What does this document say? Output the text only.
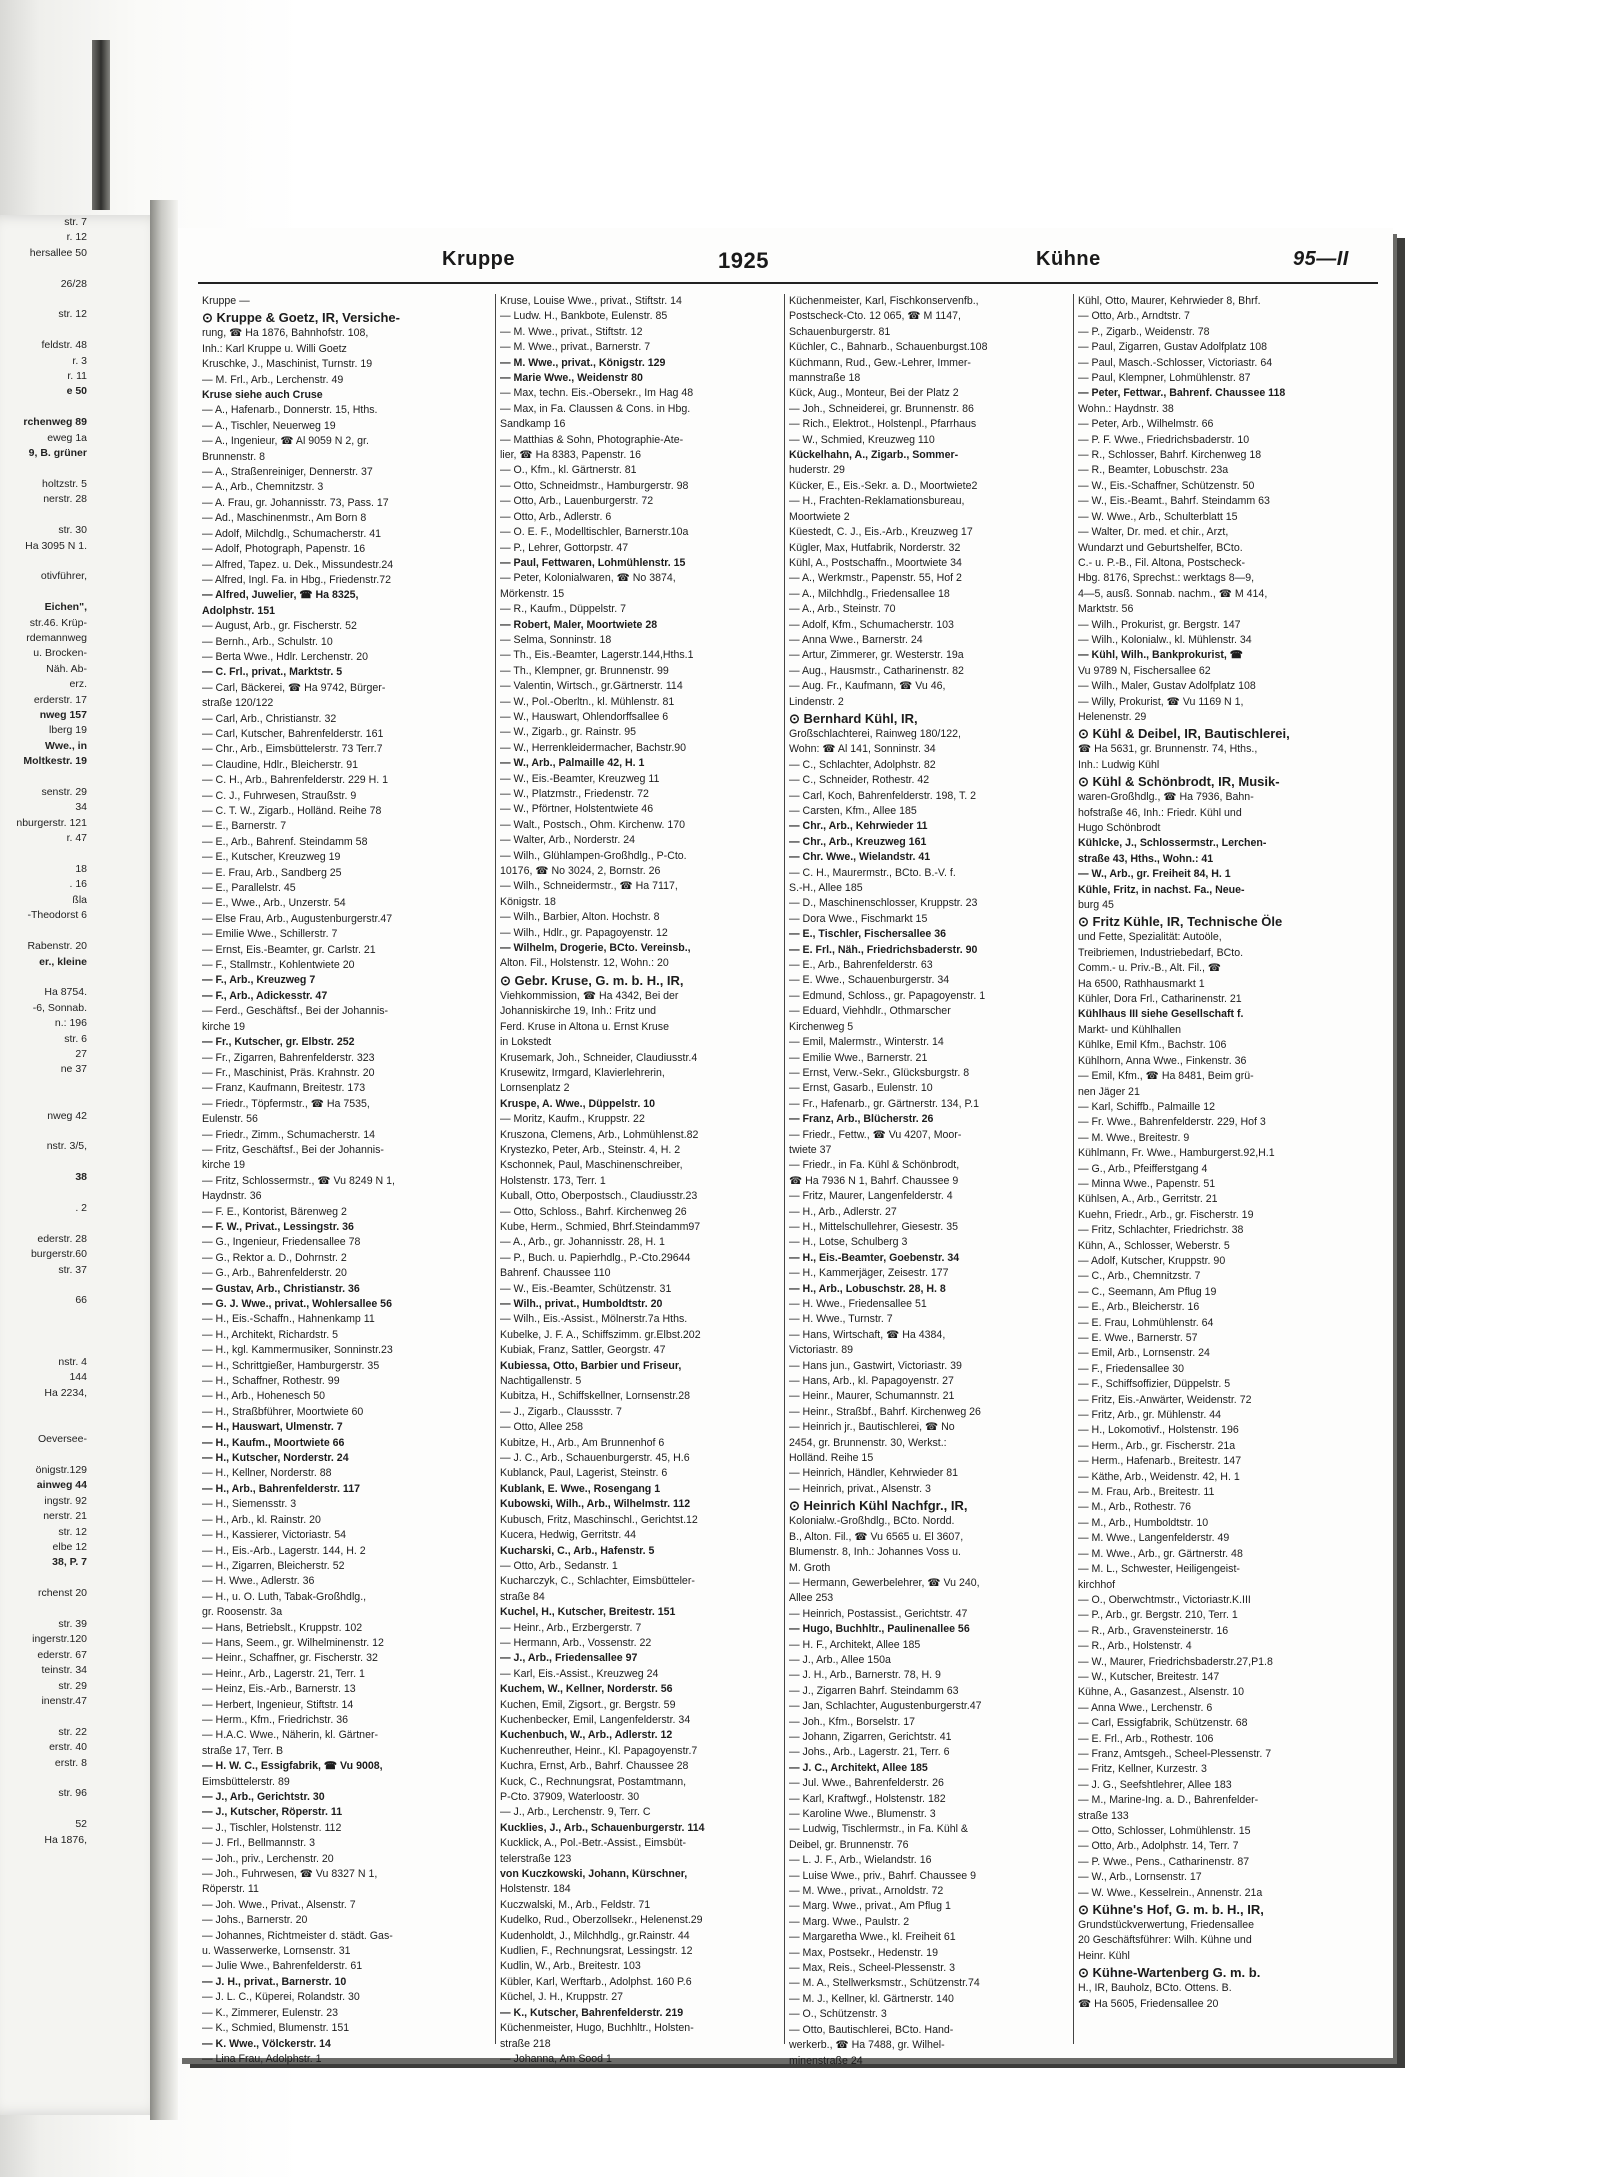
str. 7
r. 12
hersallee 50

26/28

str. 12

feldstr. 48
r. 3
r. 11
e 50

rchenweg 89
eweg 1a
9, B. grüner

holtzstr. 5
nerstr. 28

str. 30
Ha 3095 N 1.

otivführer,

Eichen",
str.46. Krüp-
rdemannweg
u. Brocken-
Näh. Ab-
erz.
erderstr. 17
nweg 157
lberg 19
Wwe., in
Moltkestr. 19

senstr. 29
34
nburgerstr. 121
r. 47

18
. 16
ßla
-Theodorst 6

Rabenstr. 20
er., kleine

Ha 8754.
-6, Sonnab.
n.: 196
str. 6
27
ne 37

nweg 42

nstr. 3/5,

38

. 2

ederstr. 28
burgerstr.60
str. 37

66

nstr. 4
144
Ha 2234,

Oeverseе-

önigstr.129
ainweg 44
ingstr. 92
nerstr. 21
str. 12
elbe 12
38, P. 7

rchenst 20

str. 39
ingerstr.120
ederstr. 67
teinstr. 34
str. 29
inenstr.47

str. 22
erstr. 40
erstr. 8

str. 96

52
Ha 1876,
Kruppe	1925	Kühne	95—II
Kruppe —
⊙ Kruppe & Goetz, IR, Versiche-
rung, ☎ Ha 1876, Bahnhofstr. 108,
Inh.: Karl Kruppe u. Willi Goetz
Kruschke, J., Maschinist, Turnstr. 19
— M. Frl., Arb., Lerchenstr. 49
Kruse siehe auch Cruse
— A., Hafenarb., Donnerstr. 15, Hths.
— A., Tischler, Neuerweg 19
— A., Ingenieur, ☎ Al 9059 N 2, gr.
Brunnenstr. 8
— A., Straßenreiniger, Dennerstr. 37
— A., Arb., Chemnitzstr. 3
— A. Frau, gr. Johannisstr. 73, Pass. 17
— Ad., Maschinenmstr., Am Born 8
— Adolf, Milchdlg., Schumacherstr. 41
— Adolf, Photograph, Papenstr. 16
— Alfred, Tapez. u. Dek., Missundestr.24
— Alfred, Ingl. Fa. in Hbg., Friedenstr.72
— Alfred, Juwelier, ☎ Ha 8325,
Adolphstr. 151
— August, Arb., gr. Fischerstr. 52
— Bernh., Arb., Schulstr. 10
— Berta Wwe., Hdlr. Lerchenstr. 20
— C. Frl., privat., Marktstr. 5
— Carl, Bäckerei, ☎ Ha 9742, Bürger-
straße 120/122
— Carl, Arb., Christianstr. 32
— Carl, Kutscher, Bahrenfelderstr. 161
— Chr., Arb., Eimsbüttelerstr. 73 Terr.7
— Claudine, Hdlr., Bleicherstr. 91
— C. H., Arb., Bahrenfelderstr. 229 H. 1
— C. J., Fuhrwesen, Straußstr. 9
— C. T. W., Zigarb., Holländ. Reihe 78
— E., Barnerstr. 7
— E., Arb., Bahrenf. Steindamm 58
— E., Kutscher, Kreuzweg 19
— E. Frau, Arb., Sandberg 25
— E., Parallelstr. 45
— E., Wwe., Arb., Unzerstr. 54
— Else Frau, Arb., Augustenburgerstr.47
— Emilie Wwe., Schillerstr. 7
— Ernst, Eis.-Beamter, gr. Carlstr. 21
— F., Stallmstr., Kohlentwiete 20
— F., Arb., Kreuzweg 7
— F., Arb., Adickesstr. 47
— Ferd., Geschäftsf., Bei der Johannis-
kirche 19
— Fr., Kutscher, gr. Elbstr. 252
— Fr., Zigarren, Bahrenfelderstr. 323
— Fr., Maschinist, Präs. Krahnstr. 20
— Franz, Kaufmann, Breitestr. 173
— Friedr., Töpfermstr., ☎ Ha 7535,
Eulenstr. 56
— Friedr., Zimm., Schumacherstr. 14
— Fritz, Geschäftsf., Bei der Johannis-
kirche 19
— Fritz, Schlossermstr., ☎ Vu 8249 N 1,
Haydnstr. 36
— F. E., Kontorist, Bärenweg 2
— F. W., Privat., Lessingstr. 36
— G., Ingenieur, Friedensallee 78
— G., Rektor a. D., Dohrnstr. 2
— G., Arb., Bahrenfelderstr. 20
— Gustav, Arb., Christianstr. 36
— G. J. Wwe., privat., Wohlersallee 56
— H., Eis.-Schaffn., Hahnenkamp 11
— H., Architekt, Richardstr. 5
— H., kgl. Kammermusiker, Sonninstr.23
— H., Schrittgießer, Hamburgerstr. 35
— H., Schaffner, Rothestr. 99
— H., Arb., Hohenesch 50
— H., Straßbführer, Moortwiete 60
— H., Hauswart, Ulmenstr. 7
— H., Kaufm., Moortwiete 66
— H., Kutscher, Norderstr. 24
— H., Kellner, Norderstr. 88
— H., Arb., Bahrenfelderstr. 117
— H., Siemensstr. 3
— H., Arb., kl. Rainstr. 20
— H., Kassierer, Victoriastr. 54
— H., Eis.-Arb., Lagerstr. 144, H. 2
— H., Zigarren, Bleicherstr. 52
— H. Wwe., Adlerstr. 36
— H., u. O. Luth, Tabak-Großhdlg.,
gr. Roosenstr. 3a
— Hans, Betriebslt., Kruppstr. 102
— Hans, Seem., gr. Wilhelminenstr. 12
— Heinr., Schaffner, gr. Fischerstr. 32
— Heinr., Arb., Lagerstr. 21, Terr. 1
— Heinz, Eis.-Arb., Barnerstr. 13
— Herbert, Ingenieur, Stiftstr. 14
— Herm., Kfm., Friedrichstr. 36
— H.A.C. Wwe., Näherin, kl. Gärtner-
straße 17, Terr. B
— H. W. C., Essigfabrik, ☎ Vu 9008,
Eimsbüttelerstr. 89
— J., Arb., Gerichtstr. 30
— J., Kutscher, Röperstr. 11
— J., Tischler, Holstenstr. 112
— J. Frl., Bellmannstr. 3
— Joh., priv., Lerchenstr. 20
— Joh., Fuhrwesen, ☎ Vu 8327 N 1,
Röperstr. 11
— Joh. Wwe., Privat., Alsenstr. 7
— Johs., Barnerstr. 20
— Johannes, Richtmeister d. städt. Gas-
u. Wasserwerke, Lornsenstr. 31
— Julie Wwe., Bahrenfelderstr. 61
— J. H., privat., Barnerstr. 10
— J. L. C., Küperei, Rolandstr. 30
— K., Zimmerer, Eulenstr. 23
— K., Schmied, Blumenstr. 151
— K. Wwe., Völckerstr. 14
— Lina Frau, Adolphstr. 1
Kruse, Louise Wwe., privat., Stiftstr. 14
— Ludw. H., Bankbote, Eulenstr. 85
— M. Wwe., privat., Stiftstr. 12
— M. Wwe., privat., Barnerstr. 7
— M. Wwe., privat., Königstr. 129
— Marie Wwe., Weidenstr 80
— Max, techn. Eis.-Obersekr., Im Hag 48
— Max, in Fa. Claussen & Cons. in Hbg.
Sandkamp 16
— Matthias & Sohn, Photographie-Ate-
lier, ☎ Ha 8383, Papenstr. 16
— O., Kfm., kl. Gärtnerstr. 81
— Otto, Schneidmstr., Hamburgerstr. 98
— Otto, Arb., Lauenburgerstr. 72
— Otto, Arb., Adlerstr. 6
— O. E. F., Modelltischler, Barnerstr.10a
— P., Lehrer, Gottorpstr. 47
— Paul, Fettwaren, Lohmühlenstr. 15
— Peter, Kolonialwaren, ☎ No 3874,
Mörkenstr. 15
— R., Kaufm., Düppelstr. 7
— Robert, Maler, Moortwiete 28
— Selma, Sonninstr. 18
— Th., Eis.-Beamter, Lagerstr.144,Hths.1
— Th., Klempner, gr. Brunnenstr. 99
— Valentin, Wirtsch., gr.Gärtnerstr. 114
— W., Pol.-Oberltn., kl. Mühlenstr. 81
— W., Hauswart, Ohlendorffsallee 6
— W., Zigarb., gr. Rainstr. 95
— W., Herrenkleidermacher, Bachstr.90
— W., Arb., Palmaille 42, H. 1
— W., Eis.-Beamter, Kreuzweg 11
— W., Platzmstr., Friedenstr. 72
— W., Pförtner, Holstentwiete 46
— Walt., Postsch., Ohm. Kirchenw. 170
— Walter, Arb., Norderstr. 24
— Wilh., Glühlampen-Großhdlg., P-Cto.
10176, ☎ No 3024, 2, Bornstr. 26
— Wilh., Schneidermstr., ☎ Ha 7117,
Königstr. 18
— Wilh., Barbier, Alton. Hochstr. 8
— Wilh., Hdlr., gr. Papagoyenstr. 12
— Wilhelm, Drogerie, BCto. Vereinsb.,
Alton. Fil., Holstenstr. 12, Wohn.: 20
⊙ Gebr. Kruse, G. m. b. H., IR,
Viehkommission, ☎ Ha 4342, Bei der
Johanniskirche 19, Inh.: Fritz und
Ferd. Kruse in Altona u. Ernst Kruse
in Lokstedt
Krusemark, Joh., Schneider, Claudiusstr.4
Krusewitz, Irmgard, Klavierlehrerin,
Lornsenplatz 2
Kruspe, A. Wwe., Düppelstr. 10
— Moritz, Kaufm., Kruppstr. 22
Kruszona, Clemens, Arb., Lohmühlenst.82
Krystezko, Peter, Arb., Steinstr. 4, H. 2
Kschonnek, Paul, Maschinenschreiber,
Holstenstr. 173, Terr. 1
Kuball, Otto, Oberpostsch., Claudiusstr.23
— Otto, Schloss., Bahrf. Kirchenweg 26
Kube, Herm., Schmied, Bhrf.Steindamm97
— A., Arb., gr. Johannisstr. 28, H. 1
— P., Buch. u. Papierhdlg., P.-Cto.29644
Bahrenf. Chaussee 110
— W., Eis.-Beamter, Schützenstr. 31
— Wilh., privat., Humboldtstr. 20
— Wilh., Eis.-Assist., Mölnerstr.7a Hths.
Kubelke, J. F. A., Schiffszimm. gr.Elbst.202
Kubiak, Franz, Sattler, Georgstr. 47
Kubiessa, Otto, Barbier und Friseur,
Nachtigallenstr. 5
Kubitza, H., Schiffskellner, Lornsenstr.28
— J., Zigarb., Claussstr. 7
— Otto, Allee 258
Kubitze, H., Arb., Am Brunnenhof 6
— J. C., Arb., Schauenburgerstr. 45, H.6
Kublanck, Paul, Lagerist, Steinstr. 6
Kublank, E. Wwe., Rosengang 1
Kubowski, Wilh., Arb., Wilhelmstr. 112
Kubusch, Fritz, Maschinschl., Gerichtst.12
Kucera, Hedwig, Gerritstr. 44
Kucharski, C., Arb., Hafenstr. 5
— Otto, Arb., Sedanstr. 1
Kucharczyk, C., Schlachter, Eimsbütteler-
straße 84
Kuchel, H., Kutscher, Breitestr. 151
— Heinr., Arb., Erzbergerstr. 7
— Hermann, Arb., Vossenstr. 22
— J., Arb., Friedensallee 97
— Karl, Eis.-Assist., Kreuzweg 24
Kuchem, W., Kellner, Norderstr. 56
Kuchen, Emil, Zigsort., gr. Bergstr. 59
Kuchenbecker, Emil, Langenfelderstr. 34
Kuchenbuch, W., Arb., Adlerstr. 12
Kuchenreuther, Heinr., Kl. Papagoyenstr.7
Kuchra, Ernst, Arb., Bahrf. Chaussee 28
Kuck, C., Rechnungsrat, Postamtmann,
P-Cto. 37909, Waterloostr. 30
— J., Arb., Lerchenstr. 9, Terr. C
Kucklies, J., Arb., Schauenburgerstr. 114
Kucklick, A., Pol.-Betr.-Assist., Eimsbüt-
telerstraße 123
von Kuczkowski, Johann, Kürschner,
Holstenstr. 184
Kuczwalski, M., Arb., Feldstr. 71
Kudelko, Rud., Oberzollsekr., Helenenst.29
Kudenholdt, J., Milchhdlg., gr.Rainstr. 44
Kudlien, F., Rechnungsrat, Lessingstr. 12
Kudlin, W., Arb., Breitestr. 103
Kübler, Karl, Werftarb., Adolphst. 160 P.6
Küchel, J. H., Kruppstr. 27
— K., Kutscher, Bahrenfelderstr. 219
Küchenmeister, Hugo, Buchhltr., Holsten-
straße 218
— Johanna, Am Sood 1
Küchenmeister, Karl, Fischkonservenfb.,
Postscheck-Cto. 12 065, ☎ M 1147,
Schauenburgerstr. 81
Küchler, C., Bahnarb., Schauenburgst.108
Küchmann, Rud., Gew.-Lehrer, Immer-
mannstraße 18
Kück, Aug., Monteur, Bei der Platz 2
— Joh., Schneiderei, gr. Brunnenstr. 86
— Rich., Elektrot., Holstenpl., Pfarrhaus
— W., Schmied, Kreuzweg 110
Kückelhahn, A., Zigarb., Sommer-
huderstr. 29
Kücker, E., Eis.-Sekr. a. D., Moortwiete2
— H., Frachten-Reklamationsbureau,
Moortwiete 2
Küestedt, C. J., Eis.-Arb., Kreuzweg 17
Kügler, Max, Hutfabrik, Norderstr. 32
Kühl, A., Postschaffn., Moortwiete 34
— A., Werkmstr., Papenstr. 55, Hof 2
— A., Milchhdlg., Friedensallee 18
— A., Arb., Steinstr. 70
— Adolf, Kfm., Schumacherstr. 103
— Anna Wwe., Barnerstr. 24
— Artur, Zimmerer, gr. Westerstr. 19a
— Aug., Hausmstr., Catharinenstr. 82
— Aug. Fr., Kaufmann, ☎ Vu 46,
Lindenstr. 2
⊙ Bernhard Kühl, IR,
Großschlachterei, Rainweg 180/122,
Wohn: ☎ Al 141, Sonninstr. 34
— C., Schlachter, Adolphstr. 82
— C., Schneider, Rothestr. 42
— Carl, Koch, Bahrenfelderstr. 198, T. 2
— Carsten, Kfm., Allee 185
— Chr., Arb., Kehrwieder 11
— Chr., Arb., Kreuzweg 161
— Chr. Wwe., Wielandstr. 41
— C. H., Maurermstr., BCto. B.-V. f.
S.-H., Allee 185
— D., Maschinenschlosser, Kruppstr. 23
— Dora Wwe., Fischmarkt 15
— E., Tischler, Fischersallee 36
— E. Frl., Näh., Friedrichsbaderstr. 90
— E., Arb., Bahrenfelderstr. 63
— E. Wwe., Schauenburgerstr. 34
— Edmund, Schloss., gr. Papagoyenstr. 1
— Eduard, Viehhdlr., Othmarscher
Kirchenweg 5
— Emil, Malermstr., Winterstr. 14
— Emilie Wwe., Barnerstr. 21
— Ernst, Verw.-Sekr., Glücksburgstr. 8
— Ernst, Gasarb., Eulenstr. 10
— Fr., Hafenarb., gr. Gärtnerstr. 134, P.1
— Franz, Arb., Blücherstr. 26
— Friedr., Fettw., ☎ Vu 4207, Moor-
twiete 37
— Friedr., in Fa. Kühl & Schönbrodt,
☎ Ha 7936 N 1, Bahrf. Chaussee 9
— Fritz, Maurer, Langenfelderstr. 4
— H., Arb., Adlerstr. 27
— H., Mittelschullehrer, Giesestr. 35
— H., Lotse, Schulberg 3
— H., Eis.-Beamter, Goebenstr. 34
— H., Kammerjäger, Zeisestr. 177
— H., Arb., Lobuschstr. 28, H. 8
— H. Wwe., Friedensallee 51
— H. Wwe., Turnstr. 7
— Hans, Wirtschaft, ☎ Ha 4384,
Victoriastr. 89
— Hans jun., Gastwirt, Victoriastr. 39
— Hans, Arb., kl. Papagoyenstr. 27
— Heinr., Maurer, Schumannstr. 21
— Heinr., Straßbf., Bahrf. Kirchenweg 26
— Heinrich jr., Bautischlerei, ☎ No
2454, gr. Brunnenstr. 30, Werkst.:
Holländ. Reihe 15
— Heinrich, Händler, Kehrwieder 81
— Heinrich, privat., Alsenstr. 3
⊙ Heinrich Kühl Nachfgr., IR,
Kolonialw.-Großhdlg., BCto. Nordd.
B., Alton. Fil., ☎ Vu 6565 u. El 3607,
Blumenstr. 8, Inh.: Johannes Voss u.
M. Groth
— Hermann, Gewerbelehrer, ☎ Vu 240,
Allee 253
— Heinrich, Postassist., Gerichtstr. 47
— Hugo, Buchhltr., Paulinenallee 56
— H. F., Architekt, Allee 185
— J., Arb., Allee 150a
— J. H., Arb., Barnerstr. 78, H. 9
— J., Zigarren Bahrf. Steindamm 63
— Jan, Schlachter, Augustenburgerstr.47
— Joh., Kfm., Borselstr. 17
— Johann, Zigarren, Gerichtstr. 41
— Johs., Arb., Lagerstr. 21, Terr. 6
— J. C., Architekt, Allee 185
— Jul. Wwe., Bahrenfelderstr. 26
— Karl, Kraftwgf., Holstenstr. 182
— Karoline Wwe., Blumenstr. 3
— Ludwig, Tischlermstr., in Fa. Kühl &
Deibel, gr. Brunnenstr. 76
— L. J. F., Arb., Wielandstr. 16
— Luise Wwe., priv., Bahrf. Chaussee 9
— M. Wwe., privat., Arnoldstr. 72
— Marg. Wwe., privat., Am Pflug 1
— Marg. Wwe., Paulstr. 2
— Margaretha Wwe., kl. Freiheit 61
— Max, Postsekr., Hedenstr. 19
— Max, Reis., Scheel-Plessenstr. 3
— M. A., Stellwerksmstr., Schützenstr.74
— M. J., Kellner, kl. Gärtnerstr. 140
— O., Schützenstr. 3
— Otto, Bautischlerei, BCto. Hand-
werkerb., ☎ Ha 7488, gr. Wilhel-
minenstraße 24
Kühl, Otto, Maurer, Kehrwieder 8, Bhrf.
— Otto, Arb., Arndtstr. 7
— P., Zigarb., Weidenstr. 78
— Paul, Zigarren, Gustav Adolfplatz 108
— Paul, Masch.-Schlosser, Victoriastr. 64
— Paul, Klempner, Lohmühlenstr. 87
— Peter, Fettwar., Bahrenf. Chaussee 118
Wohn.: Haydnstr. 38
— Peter, Arb., Wilhelmstr. 66
— P. F. Wwe., Friedrichsbaderstr. 10
— R., Schlosser, Bahrf. Kirchenweg 18
— R., Beamter, Lobuschstr. 23a
— W., Eis.-Schaffner, Schützenstr. 50
— W., Eis.-Beamt., Bahrf. Steindamm 63
— W. Wwe., Arb., Schulterblatt 15
— Walter, Dr. med. et chir., Arzt,
Wundarzt und Geburtshelfer, BCto.
C.- u. P.-B., Fil. Altona, Postscheck-
Hbg. 8176, Sprechst.: werktags 8—9,
4—5, ausß. Sonnab. nachm., ☎ M 414,
Marktstr. 56
— Wilh., Prokurist, gr. Bergstr. 147
— Wilh., Kolonialw., kl. Mühlenstr. 34
— Kühl, Wilh., Bankprokurist, ☎
Vu 9789 N, Fischersallee 62
— Wilh., Maler, Gustav Adolfplatz 108
— Willy, Prokurist, ☎ Vu 1169 N 1,
Helenenstr. 29
⊙ Kühl & Deibel, IR, Bautischlerei,
☎ Ha 5631, gr. Brunnenstr. 74, Hths.,
Inh.: Ludwig Kühl
⊙ Kühl & Schönbrodt, IR, Musik-
waren-Großhdlg., ☎ Ha 7936, Bahn-
hofstraße 46, Inh.: Friedr. Kühl und
Hugo Schönbrodt
Kühlcke, J., Schlossermstr., Lerchen-
straße 43, Hths., Wohn.: 41
— W., Arb., gr. Freiheit 84, H. 1
Kühle, Fritz, in nachst. Fa., Neue-
burg 45
⊙ Fritz Kühle, IR, Technische Öle
und Fette, Spezialität: Autoöle,
Treibriemen, Industriebedarf, BCto.
Comm.- u. Priv.-B., Alt. Fil., ☎
Ha 6500, Rathhausmarkt 1
Kühler, Dora Frl., Catharinenstr. 21
Kühlhaus III siehe Gesellschaft f.
Markt- und Kühlhallen
Kühlke, Emil Kfm., Bachstr. 106
Kühlhorn, Anna Wwe., Finkenstr. 36
— Emil, Kfm., ☎ Ha 8481, Beim grü-
nen Jäger 21
— Karl, Schiffb., Palmaille 12
— Fr. Wwe., Bahrenfelderstr. 229, Hof 3
— M. Wwe., Breitestr. 9
Kühlmann, Fr. Wwe., Hamburgerst.92,H.1
— G., Arb., Pfeifferstgang 4
— Minna Wwe., Papenstr. 51
Kühlsen, A., Arb., Gerritstr. 21
Kuehn, Friedr., Arb., gr. Fischerstr. 19
— Fritz, Schlachter, Friedrichstr. 38
Kühn, A., Schlosser, Weberstr. 5
— Adolf, Kutscher, Kruppstr. 90
— C., Arb., Chemnitzstr. 7
— C., Seemann, Am Pflug 19
— E., Arb., Bleicherstr. 16
— E. Frau, Lohmühlenstr. 64
— E. Wwe., Barnerstr. 57
— Emil, Arb., Lornsenstr. 24
— F., Friedensallee 30
— F., Schiffsoffizier, Düppelstr. 5
— Fritz, Eis.-Anwärter, Weidenstr. 72
— Fritz, Arb., gr. Mühlenstr. 44
— H., Lokomotivf., Holstenstr. 196
— Herm., Arb., gr. Fischerstr. 21a
— Herm., Hafenarb., Breitestr. 147
— Käthe, Arb., Weidenstr. 42, H. 1
— M. Frau, Arb., Breitestr. 11
— M., Arb., Rothestr. 76
— M., Arb., Humboldtstr. 10
— M. Wwe., Langenfelderstr. 49
— M. Wwe., Arb., gr. Gärtnerstr. 48
— M. L., Schwester, Heiligengeist-
kirchhof
— O., Oberwchtmstr., Victoriastr.K.III
— P., Arb., gr. Bergstr. 210, Terr. 1
— R., Arb., Gravensteinerstr. 16
— R., Arb., Holstenstr. 4
— W., Maurer, Friedrichsbaderstr.27,P1.8
— W., Kutscher, Breitestr. 147
Kühne, A., Gasanzest., Alsenstr. 10
— Anna Wwe., Lerchenstr. 6
— Carl, Essigfabrik, Schützenstr. 68
— E. Frl., Arb., Rothestr. 106
— Franz, Amtsgeh., Scheel-Plessenstr. 7
— Fritz, Kellner, Kurzestr. 3
— J. G., Seefshtlehrer, Allee 183
— M., Marine-Ing. a. D., Bahrenfelder-
straße 133
— Otto, Schlosser, Lohmühlenstr. 15
— Otto, Arb., Adolphstr. 14, Terr. 7
— P. Wwe., Pens., Catharinenstr. 87
— W., Arb., Lornsenstr. 17
— W. Wwe., Kesselrein., Annenstr. 21a
⊙ Kühne's Hof, G. m. b. H., IR,
Grundstückverwertung, Friedensallee
20 Geschäftsführer: Wilh. Kühne und
Heinr. Kühl
⊙ Kühne-Wartenberg G. m. b.
H., IR, Bauholz, BCto. Ottens. B.
☎ Ha 5605, Friedensallee 20
